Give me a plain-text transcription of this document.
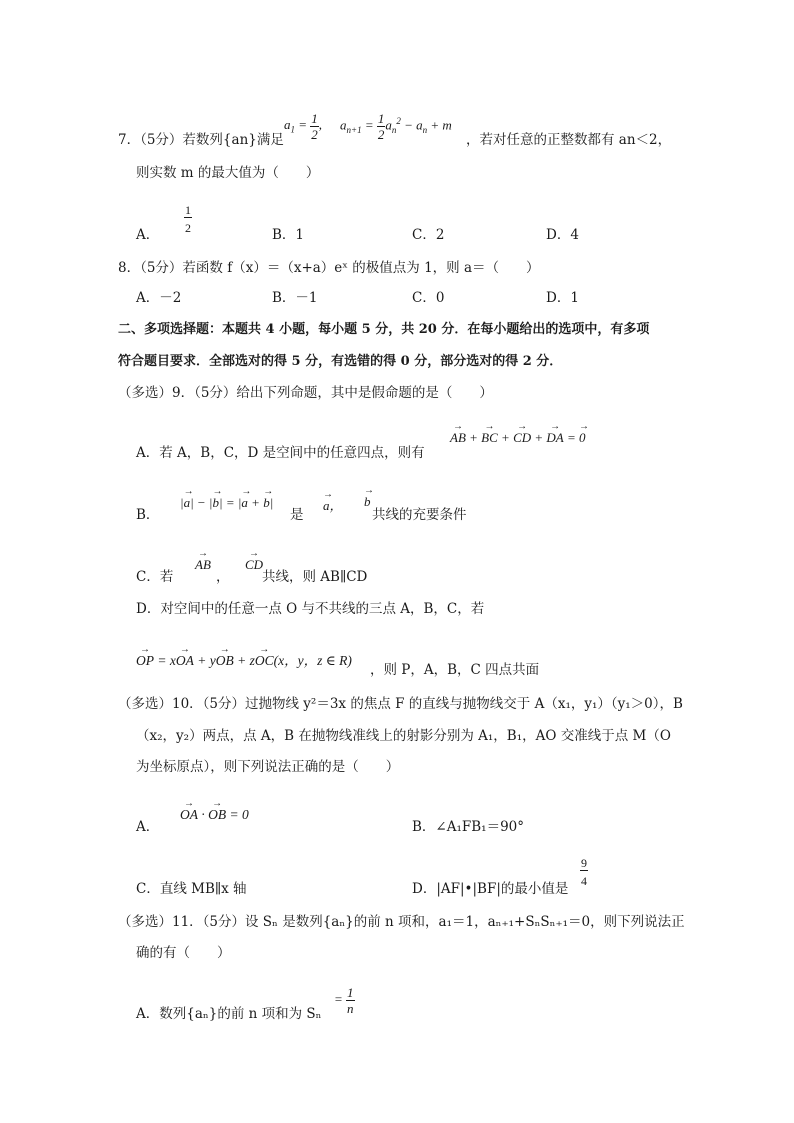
7．（5分）若数列{an}满足
$a_1 = \frac{1}{2}$ , $a_{n+1} = \frac{1}{2} a_n^2 - a_n + m$
，若对任意的正整数都有 an＜2，
则实数 m 的最大值为（　　）
A．
$\frac{1}{2}$
B．1	C．2	D．4
8．（5分）若函数 f（x）＝（x+a）eˣ 的极值点为 1，则 a＝（　　）
A．－2	B．－1	C．0	D．1
二、多项选择题：本题共 4 小题，每小题 5 分，共 20 分．在每小题给出的选项中，有多项
符合题目要求．全部选对的得 5 分，有选错的得 0 分，部分选对的得 2 分．
（多选）9．（5分）给出下列命题，其中是假命题的是（　　）
A．若 A，B，C，D 是空间中的任意四点，则有
→ AB + → BC + → CD + → DA = → 0
B．
|→ a| − |→ b| = |→ a + → b|
是
→ a，
→ b
共线的充要条件
C．若
→ AB
，
→ CD
共线，则 AB∥CD
D．对空间中的任意一点 O 与不共线的三点 A，B，C，若
→ OP = x→ OA + y→ OB + z→ OC(x，y，z ∈ R)
，则 P，A，B，C 四点共面
（多选）10．（5分）过抛物线 y²＝3x 的焦点 F 的直线与抛物线交于 A（x₁，y₁）（y₁＞0），B
（x₂，y₂）两点，点 A，B 在抛物线准线上的射影分别为 A₁，B₁，AO 交准线于点 M（O
为坐标原点），则下列说法正确的是（　　）
A．
→ OA · → OB = 0
B．∠A₁FB₁＝90°
C．直线 MB∥x 轴	D．|AF|•|BF|的最小值是
$\frac{9}{4}$
（多选）11．（5分）设 Sₙ 是数列{aₙ}的前 n 项和，a₁＝1，aₙ₊₁+SₙSₙ₊₁＝0，则下列说法正
确的有（　　）
A．数列{aₙ}的前 n 项和为 Sₙ
= $\frac{1}{n}$
